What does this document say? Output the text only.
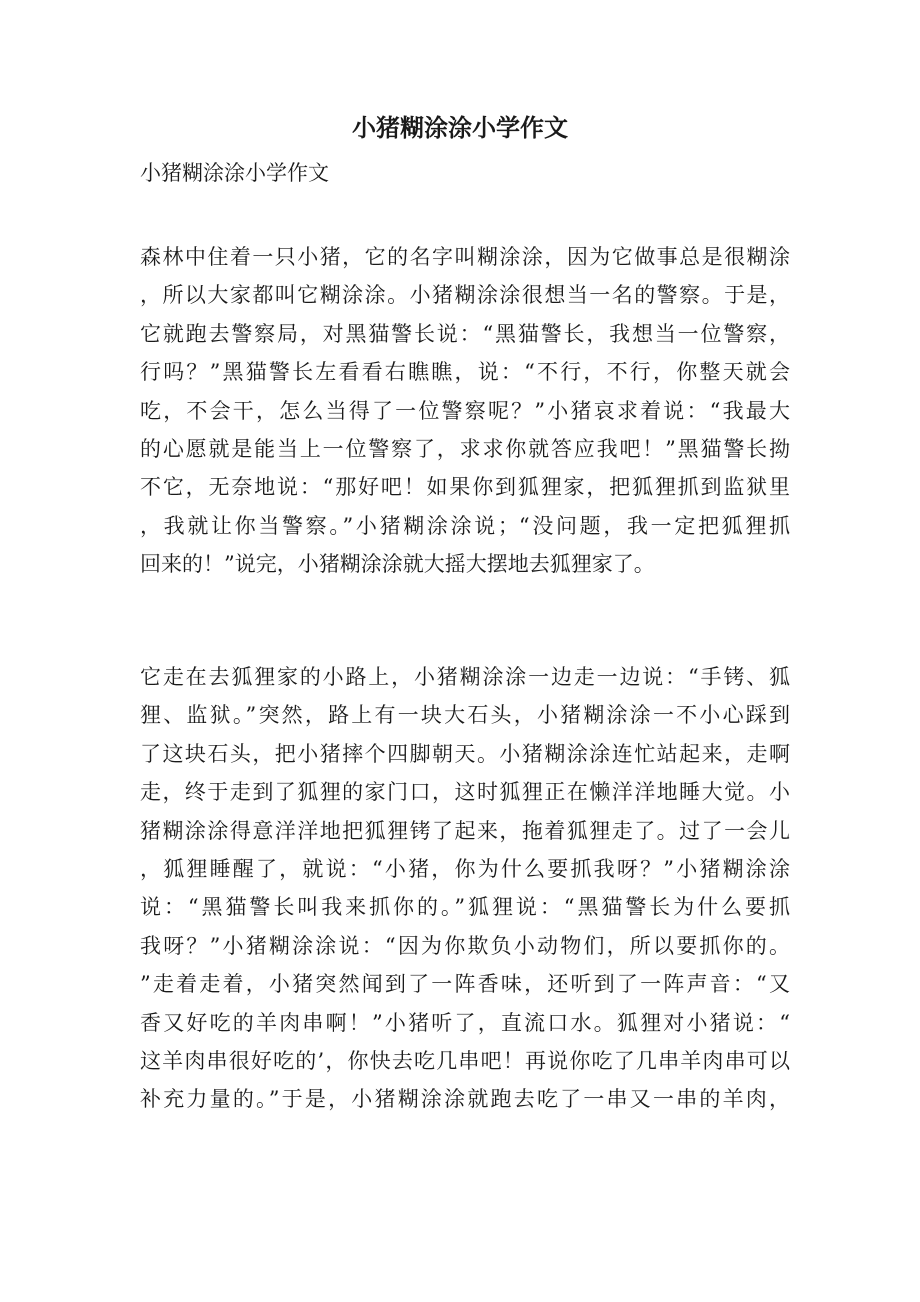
小猪糊涂涂小学作文

小猪糊涂涂小学作文

森林中住着一只小猪，它的名字叫糊涂涂，因为它做事总是很糊涂
，所以大家都叫它糊涂涂。小猪糊涂涂很想当一名的警察。于是，
它就跑去警察局，对黑猫警长说：“黑猫警长，我想当一位警察，
行吗？”黑猫警长左看看右瞧瞧，说：“不行，不行，你整天就会
吃，不会干，怎么当得了一位警察呢？”小猪哀求着说：“我最大
的心愿就是能当上一位警察了，求求你就答应我吧！”黑猫警长拗
不它，无奈地说：“那好吧！如果你到狐狸家，把狐狸抓到监狱里
，我就让你当警察。”小猪糊涂涂说；“没问题，我一定把狐狸抓
回来的！”说完，小猪糊涂涂就大摇大摆地去狐狸家了。
它走在去狐狸家的小路上，小猪糊涂涂一边走一边说：“手铐、狐
狸、监狱。”突然，路上有一块大石头，小猪糊涂涂一不小心踩到
了这块石头，把小猪摔个四脚朝天。小猪糊涂涂连忙站起来，走啊
走，终于走到了狐狸的家门口，这时狐狸正在懒洋洋地睡大觉。小
猪糊涂涂得意洋洋地把狐狸铐了起来，拖着狐狸走了。过了一会儿
，狐狸睡醒了，就说：“小猪，你为什么要抓我呀？”小猪糊涂涂
说：“黑猫警长叫我来抓你的。”狐狸说：“黑猫警长为什么要抓
我呀？”小猪糊涂涂说：“因为你欺负小动物们，所以要抓你的。
”走着走着，小猪突然闻到了一阵香味，还听到了一阵声音：“又
香又好吃的羊肉串啊！”小猪听了，直流口水。狐狸对小猪说：“
这羊肉串很好吃的’，你快去吃几串吧！再说你吃了几串羊肉串可以
补充力量的。”于是，小猪糊涂涂就跑去吃了一串又一串的羊肉，
